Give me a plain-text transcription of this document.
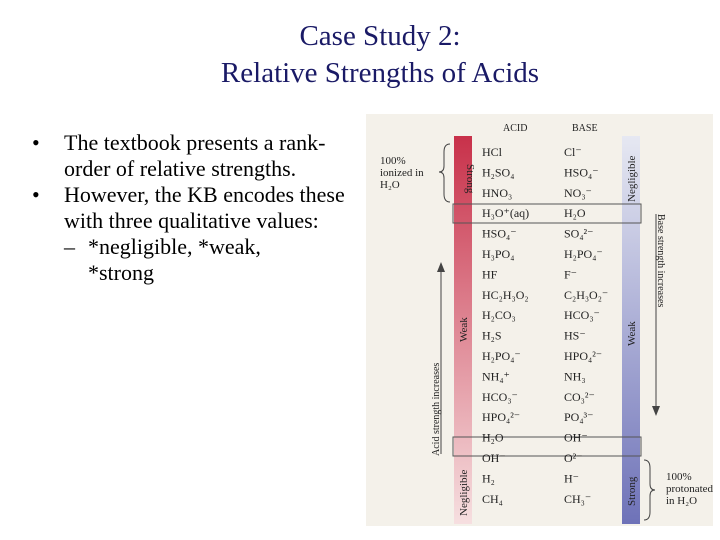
Case Study 2:
Relative Strengths of Acids
• The textbook presents a rank-order of relative strengths.
• However, the KB encodes these with three qualitative values:
– *negligible, *weak,
*strong
ACID	BASE
Strong
Weak
Negligible
Negligible
Weak
Strong
100%
ionized in
H₂O
100%
protonated
in H₂O
Acid strength increases
Base strength increases
HCl	Cl⁻
H₂SO₄	HSO₄⁻
HNO₃	NO₃⁻
H₃O⁺(aq)	H₂O
HSO₄⁻	SO₄²⁻
H₃PO₄	H₂PO₄⁻
HF	F⁻
HC₂H₃O₂	C₂H₃O₂⁻
H₂CO₃	HCO₃⁻
H₂S	HS⁻
H₂PO₄⁻	HPO₄²⁻
NH₄⁺	NH₃
HCO₃⁻	CO₃²⁻
HPO₄²⁻	PO₄³⁻
H₂O	OH⁻
OH⁻	O²⁻
H₂	H⁻
CH₄	CH₃⁻
